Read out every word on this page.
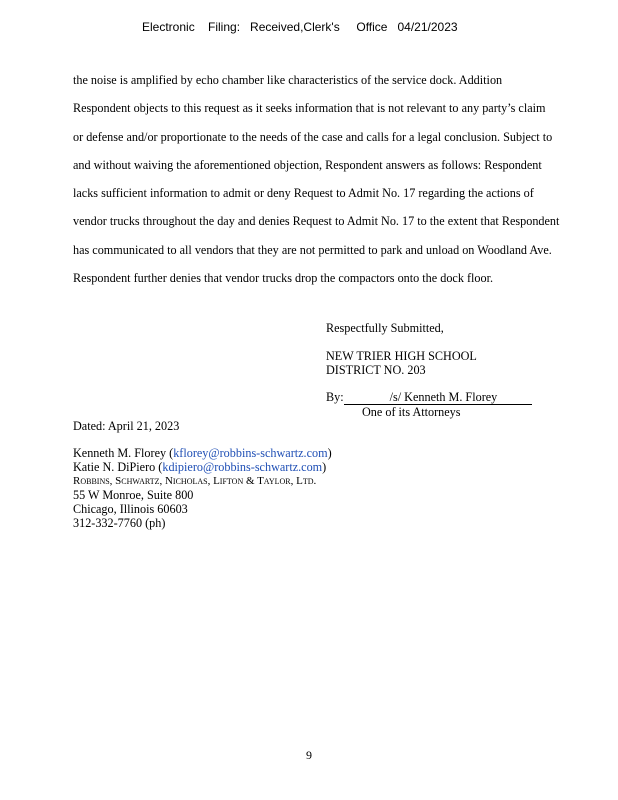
Electronic    Filing:   Received,Clerk's     Office   04/21/2023

the noise is amplified by echo chamber like characteristics of the service dock. Addition
Respondent objects to this request as it seeks information that is not relevant to any party’s claim
or defense and/or proportionate to the needs of the case and calls for a legal conclusion. Subject to
and without waiving the aforementioned objection, Respondent answers as follows: Respondent
lacks sufficient information to admit or deny Request to Admit No. 17 regarding the actions of
vendor trucks throughout the day and denies Request to Admit No. 17 to the extent that Respondent
has communicated to all vendors that they are not permitted to park and unload on Woodland Ave.
Respondent further denies that vendor trucks drop the compactors onto the dock floor.

Respectfully Submitted,
NEW TRIER HIGH SCHOOL
DISTRICT NO. 203
By:	/s/ Kenneth M. Florey
One of its Attorneys
Dated: April 21, 2023
Kenneth M. Florey (kflorey@robbins-schwartz.com)
Katie N. DiPiero (kdipiero@robbins-schwartz.com)
Robbins, Schwartz, Nicholas, Lifton & Taylor, Ltd.
55 W Monroe, Suite 800
Chicago, Illinois 60603
312-332-7760 (ph)
9
